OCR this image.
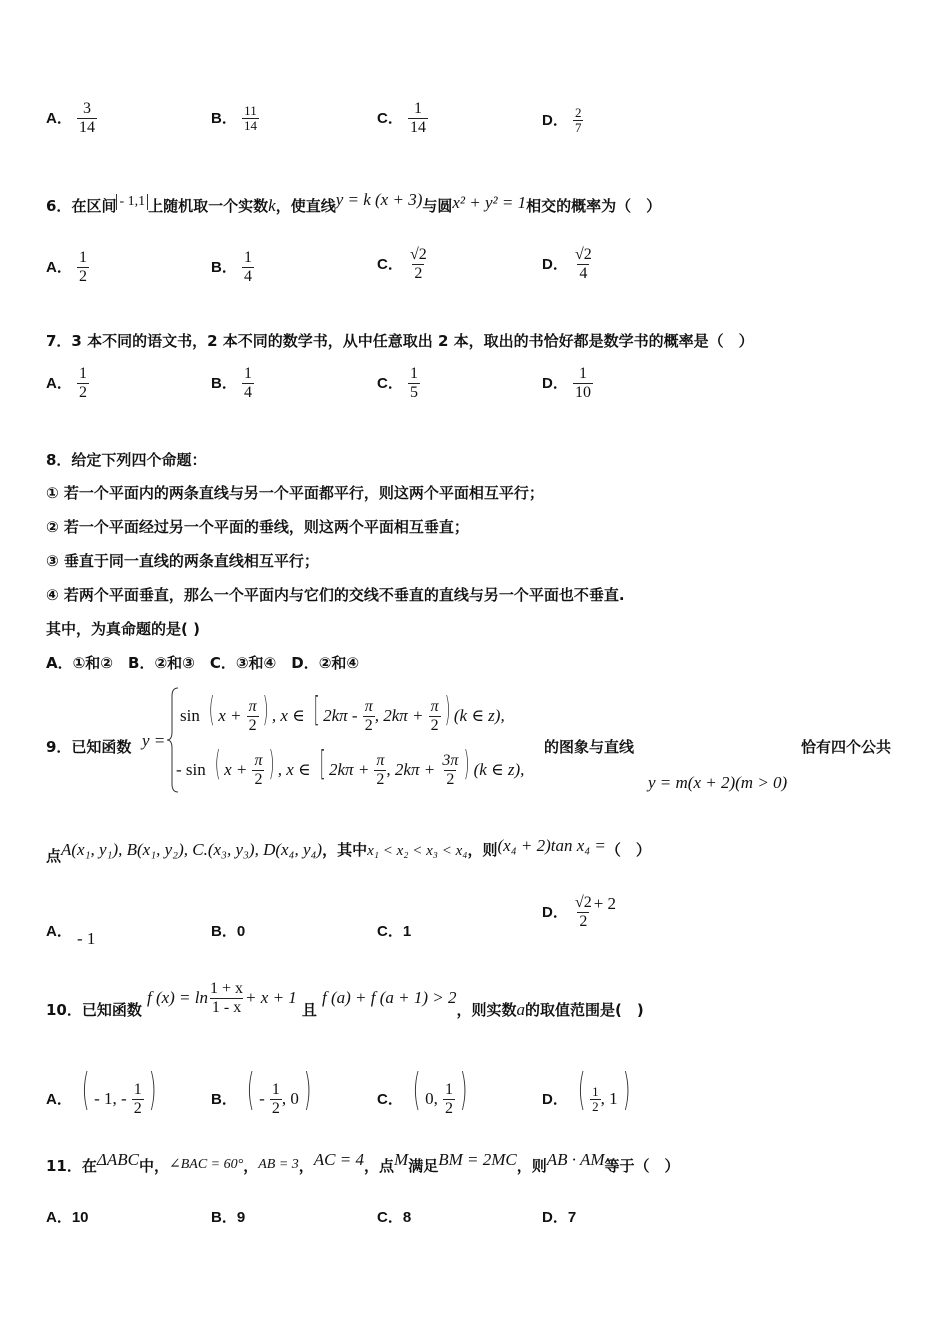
A． $\frac{3}{14}$	B． $\frac{11}{14}$	C． $\frac{1}{14}$	D． $\frac{2}{7}$
6．在区间 - 1,1 上随机取一个实数k，使直线y = k (x + 3)与圆x² + y² = 1相交的概率为（　）
A． $\frac{1}{2}$	B． $\frac{1}{4}$	C． $\frac{√2}{2}$	D． $\frac{√2}{4}$
7．3 本不同的语文书，2 本不同的数学书，从中任意取出 2 本，取出的书恰好都是数学书的概率是（　）
A． $\frac{1}{2}$	B． $\frac{1}{4}$	C． $\frac{1}{5}$	D． $\frac{1}{10}$
8．给定下列四个命题：
① 若一个平面内的两条直线与另一个平面都平行，则这两个平面相互平行；
② 若一个平面经过另一个平面的垂线，则这两个平面相互垂直；
③ 垂直于同一直线的两条直线相互平行；
④ 若两个平面垂直，那么一个平面内与它们的交线不垂直的直线与另一个平面也不垂直.
其中，为真命题的是( )
A．①和②　B．②和③　C．③和④　D．②和④
9．已知函数 y =
sin ( $x + \frac{\pi}{2}$ ) , x ∈ [ $2k\pi - \frac{\pi}{2}$ , $2k\pi + \frac{\pi}{2}$ ) (k ∈ z),
- sin ( $x + \frac{\pi}{2}$ ) , x ∈ [ $2k\pi + \frac{\pi}{2}$ , $2k\pi + \frac{3\pi}{2}$ ) (k ∈ z),
的图象与直线	恰有四个公共
y = m(x + 2)(m > 0)
点A(x₁, y₁), B(x₁, y₂), C.(x₃, y₃), D(x₄, y₄)，其中x₁ < x₂ < x₃ < x₄，则(x₄ + 2)tan x₄ =（　）
A． - 1	B．0	C．1
D． $\frac{√2}{2} + 2$
10．已知函数 f $(x) = \ln \frac{1 + x}{1 - x} + x + 1$ 且 f (a) + f (a + 1) > 2，则实数a的取值范围是(　)
A． ( - 1, - $\frac{1}{2}$ )	B． ( - $\frac{1}{2}$ , 0 )	C． ( 0, $\frac{1}{2}$ )	D． ( $\frac{1}{2}$ , 1 )
11．在ΔABC中，∠BAC = 60°，AB = 3，AC = 4，点M满足BM = 2MC，则AB · AM等于（　）
A．10	B．9	C．8	D．7
